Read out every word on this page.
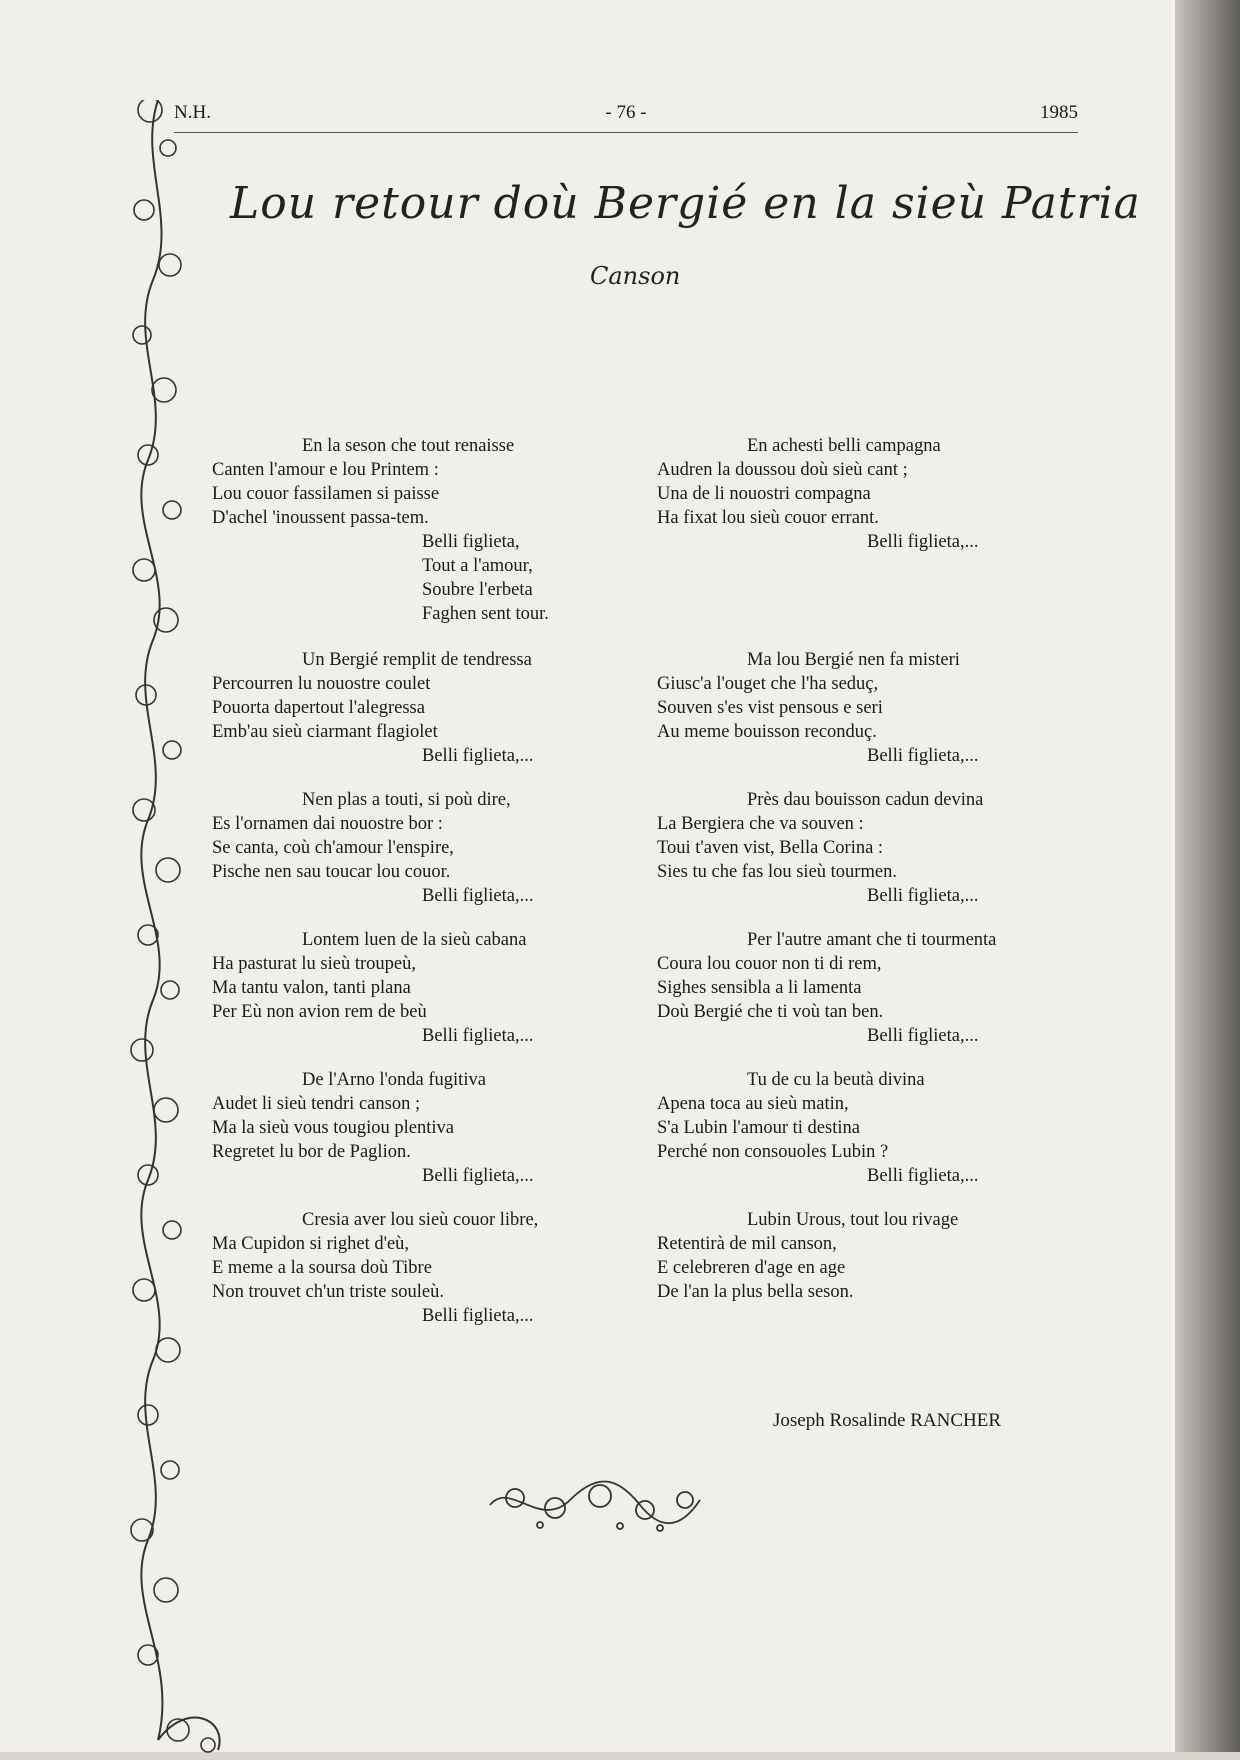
N.H.	- 76 -	1985
Lou retour doù Bergié en la sieù Patria
Canson
En la seson che tout renaisse
Canten l'amour e lou Printem :
Lou couor fassilamen si paisse
D'achel 'inoussent passa-tem.
Belli figlieta,
Tout a l'amour,
Soubre l'erbeta
Faghen sent tour.
Un Bergié remplit de tendressa
Percourren lu nouostre coulet
Pouorta dapertout l'alegressa
Emb'au sieù ciarmant flagiolet
Belli figlieta,...
Nen plas a touti, si poù dire,
Es l'ornamen dai nouostre bor :
Se canta, coù ch'amour l'enspire,
Pische nen sau toucar lou couor.
Belli figlieta,...
Lontem luen de la sieù cabana
Ha pasturat lu sieù troupeù,
Ma tantu valon, tanti plana
Per Eù non avion rem de beù
Belli figlieta,...
De l'Arno l'onda fugitiva
Audet li sieù tendri canson ;
Ma la sieù vous tougiou plentiva
Regretet lu bor de Paglion.
Belli figlieta,...
Cresia aver lou sieù couor libre,
Ma Cupidon si righet d'eù,
E meme a la soursa doù Tibre
Non trouvet ch'un triste souleù.
Belli figlieta,...
En achesti belli campagna
Audren la doussou doù sieù cant ;
Una de li nouostri compagna
Ha fixat lou sieù couor errant.
Belli figlieta,...
Ma lou Bergié nen fa misteri
Giusc'a l'ouget che l'ha seduç,
Souven s'es vist pensous e seri
Au meme bouisson reconduç.
Belli figlieta,...
Près dau bouisson cadun devina
La Bergiera che va souven :
Toui t'aven vist, Bella Corina :
Sies tu che fas lou sieù tourmen.
Belli figlieta,...
Per l'autre amant che ti tourmenta
Coura lou couor non ti di rem,
Sighes sensibla a li lamenta
Doù Bergié che ti voù tan ben.
Belli figlieta,...
Tu de cu la beutà divina
Apena toca au sieù matin,
S'a Lubin l'amour ti destina
Perché non consouoles Lubin ?
Belli figlieta,...
Lubin Urous, tout lou rivage
Retentirà de mil canson,
E celebreren d'age en age
De l'an la plus bella seson.
Joseph Rosalinde RANCHER
